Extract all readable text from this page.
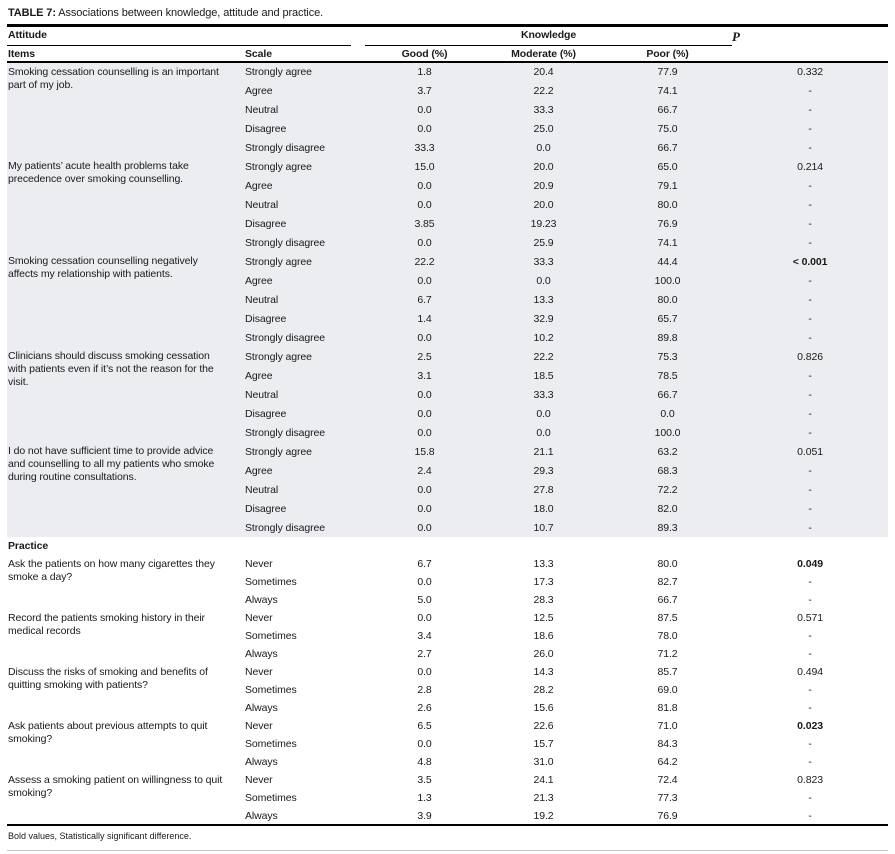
TABLE 7: Associations between knowledge, attitude and practice.
Attitude		Knowledge			P
Items	Scale	Good (%)	Moderate (%)	Poor (%)	
Smoking cessation counselling is an important part of my job.	Strongly agree	1.8	20.4	77.9	0.332
	Agree	3.7	22.2	74.1	-
	Neutral	0.0	33.3	66.7	-
	Disagree	0.0	25.0	75.0	-
	Strongly disagree	33.3	0.0	66.7	-
My patients’ acute health problems take precedence over smoking counselling.	Strongly agree	15.0	20.0	65.0	0.214
	Agree	0.0	20.9	79.1	-
	Neutral	0.0	20.0	80.0	-
	Disagree	3.85	19.23	76.9	-
	Strongly disagree	0.0	25.9	74.1	-
Smoking cessation counselling negatively affects my relationship with patients.	Strongly agree	22.2	33.3	44.4	< 0.001
	Agree	0.0	0.0	100.0	-
	Neutral	6.7	13.3	80.0	-
	Disagree	1.4	32.9	65.7	-
	Strongly disagree	0.0	10.2	89.8	-
Clinicians should discuss smoking cessation with patients even if it’s not the reason for the visit.	Strongly agree	2.5	22.2	75.3	0.826
	Agree	3.1	18.5	78.5	-
	Neutral	0.0	33.3	66.7	-
	Disagree	0.0	0.0	0.0	-
	Strongly disagree	0.0	0.0	100.0	-
I do not have sufficient time to provide advice and counselling to all my patients who smoke during routine consultations.	Strongly agree	15.8	21.1	63.2	0.051
	Agree	2.4	29.3	68.3	-
	Neutral	0.0	27.8	72.2	-
	Disagree	0.0	18.0	82.0	-
	Strongly disagree	0.0	10.7	89.3	-
Practice					
Ask the patients on how many cigarettes they smoke a day?	Never	6.7	13.3	80.0	0.049
	Sometimes	0.0	17.3	82.7	-
	Always	5.0	28.3	66.7	-
Record the patients smoking history in their medical records	Never	0.0	12.5	87.5	0.571
	Sometimes	3.4	18.6	78.0	-
	Always	2.7	26.0	71.2	-
Discuss the risks of smoking and benefits of quitting smoking with patients?	Never	0.0	14.3	85.7	0.494
	Sometimes	2.8	28.2	69.0	-
	Always	2.6	15.6	81.8	-
Ask patients about previous attempts to quit smoking?	Never	6.5	22.6	71.0	0.023
	Sometimes	0.0	15.7	84.3	-
	Always	4.8	31.0	64.2	-
Assess a smoking patient on willingness to quit smoking?	Never	3.5	24.1	72.4	0.823
	Sometimes	1.3	21.3	77.3	-
	Always	3.9	19.2	76.9	-
Bold values, Statistically significant difference.
